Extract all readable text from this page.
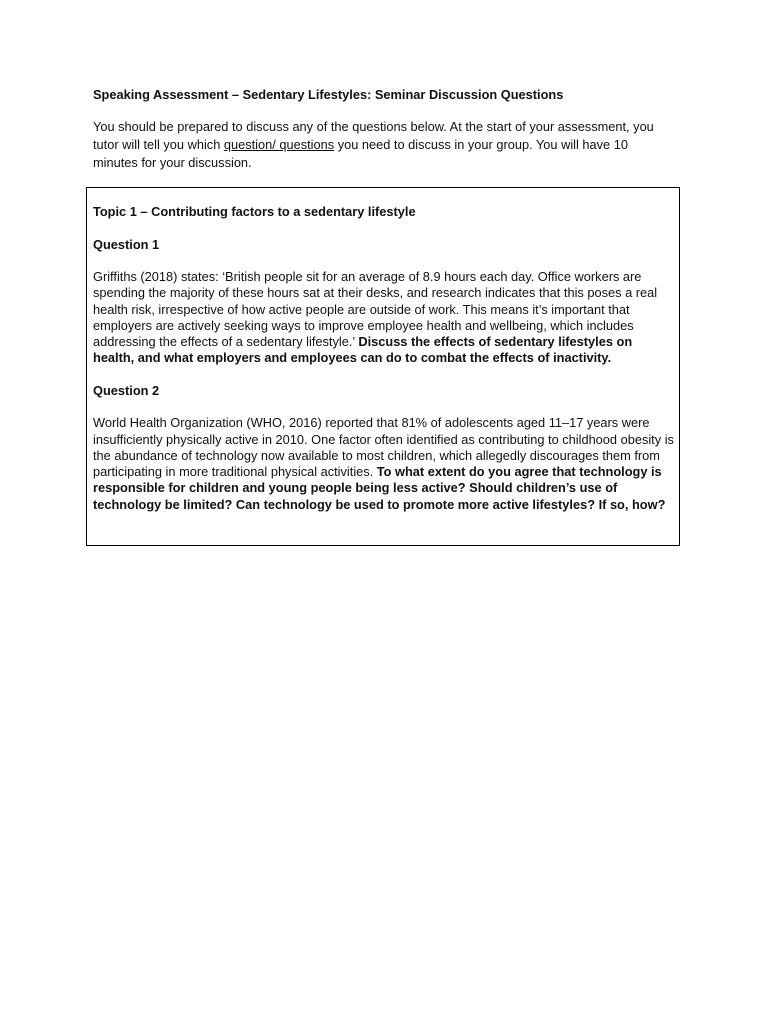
Speaking Assessment – Sedentary Lifestyles: Seminar Discussion Questions

You should be prepared to discuss any of the questions below. At the start of your assessment, you tutor will tell you which question/ questions you need to discuss in your group. You will have 10 minutes for your discussion.

Topic 1 – Contributing factors to a sedentary lifestyle

Question 1

Griffiths (2018) states: ‘British people sit for an average of 8.9 hours each day. Office workers are spending the majority of these hours sat at their desks, and research indicates that this poses a real health risk, irrespective of how active people are outside of work. This means it’s important that employers are actively seeking ways to improve employee health and wellbeing, which includes addressing the effects of a sedentary lifestyle.’ Discuss the effects of sedentary lifestyles on health, and what employers and employees can do to combat the effects of inactivity.

Question 2

World Health Organization (WHO, 2016) reported that 81% of adolescents aged 11–17 years were insufficiently physically active in 2010. One factor often identified as contributing to childhood obesity is the abundance of technology now available to most children, which allegedly discourages them from participating in more traditional physical activities. To what extent do you agree that technology is responsible for children and young people being less active? Should children’s use of technology be limited? Can technology be used to promote more active lifestyles? If so, how?
